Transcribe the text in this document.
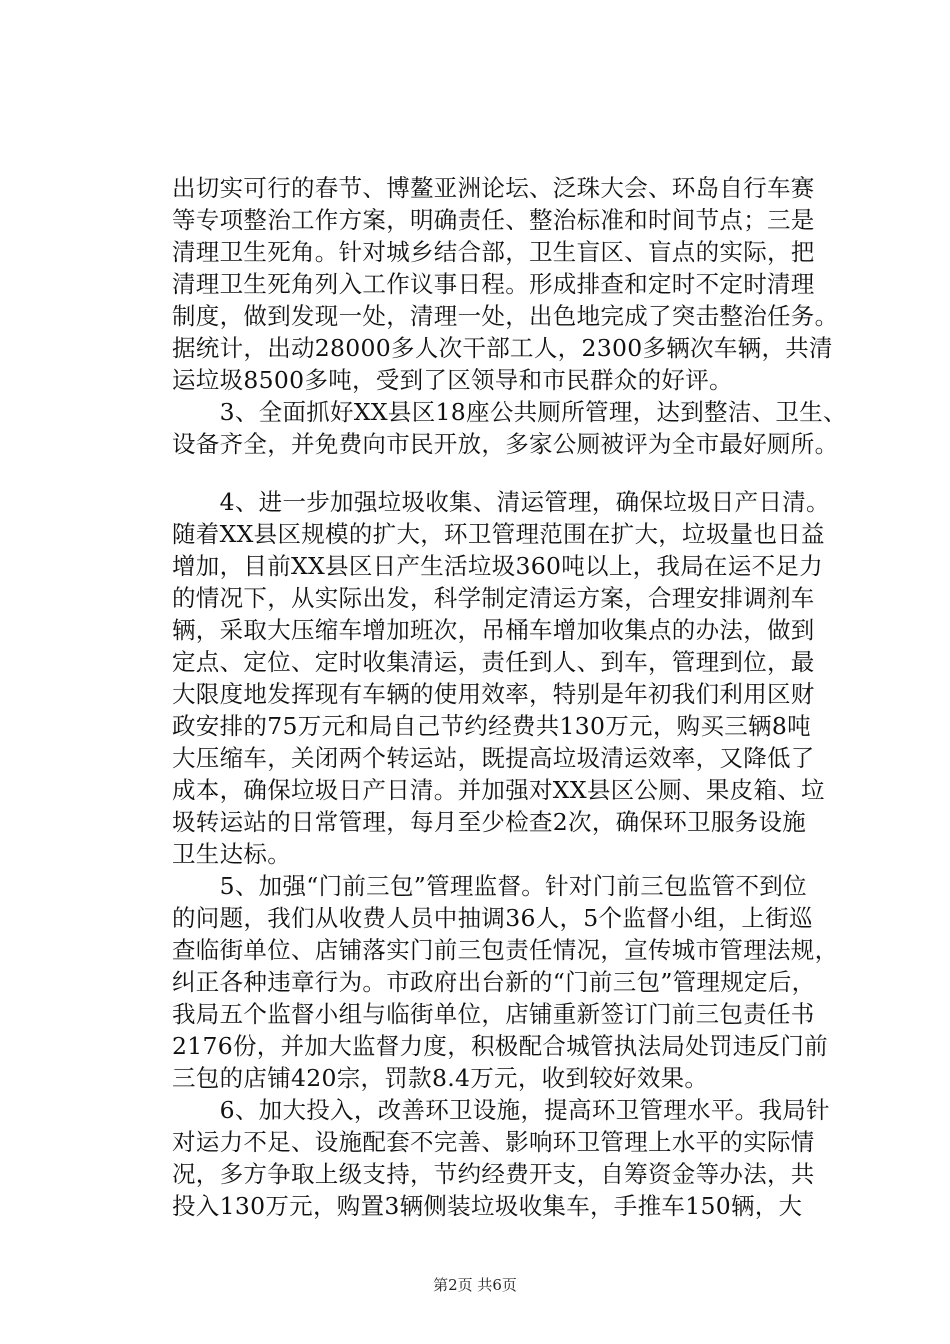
出切实可行的春节、博鳌亚洲论坛、泛珠大会、环岛自行车赛
等专项整治工作方案，明确责任、整治标准和时间节点；三是
清理卫生死角。针对城乡结合部，卫生盲区、盲点的实际，把
清理卫生死角列入工作议事日程。形成排查和定时不定时清理
制度，做到发现一处，清理一处，出色地完成了突击整治任务。
据统计，出动28000多人次干部工人，2300多辆次车辆，共清
运垃圾8500多吨，受到了区领导和市民群众的好评。
　　3、全面抓好XX县区18座公共厕所管理，达到整洁、卫生、
设备齐全，并免费向市民开放，多家公厕被评为全市最好厕所。
　　4、进一步加强垃圾收集、清运管理，确保垃圾日产日清。
随着XX县区规模的扩大，环卫管理范围在扩大，垃圾量也日益
增加，目前XX县区日产生活垃圾360吨以上，我局在运不足力
的情况下，从实际出发，科学制定清运方案，合理安排调剂车
辆，采取大压缩车增加班次，吊桶车增加收集点的办法，做到
定点、定位、定时收集清运，责任到人、到车，管理到位，最
大限度地发挥现有车辆的使用效率，特别是年初我们利用区财
政安排的75万元和局自己节约经费共130万元，购买三辆8吨
大压缩车，关闭两个转运站，既提高垃圾清运效率，又降低了
成本，确保垃圾日产日清。并加强对XX县区公厕、果皮箱、垃
圾转运站的日常管理，每月至少检查2次，确保环卫服务设施
卫生达标。
　　5、加强“门前三包”管理监督。针对门前三包监管不到位
的问题，我们从收费人员中抽调36人，5个监督小组，上街巡
查临街单位、店铺落实门前三包责任情况，宣传城市管理法规，
纠正各种违章行为。市政府出台新的“门前三包”管理规定后，
我局五个监督小组与临街单位，店铺重新签订门前三包责任书
2176份，并加大监督力度，积极配合城管执法局处罚违反门前
三包的店铺420宗，罚款8.4万元，收到较好效果。
　　6、加大投入，改善环卫设施，提高环卫管理水平。我局针
对运力不足、设施配套不完善、影响环卫管理上水平的实际情
况，多方争取上级支持，节约经费开支，自筹资金等办法，共
投入130万元，购置3辆侧装垃圾收集车，手推车150辆，大
第2页 共6页
